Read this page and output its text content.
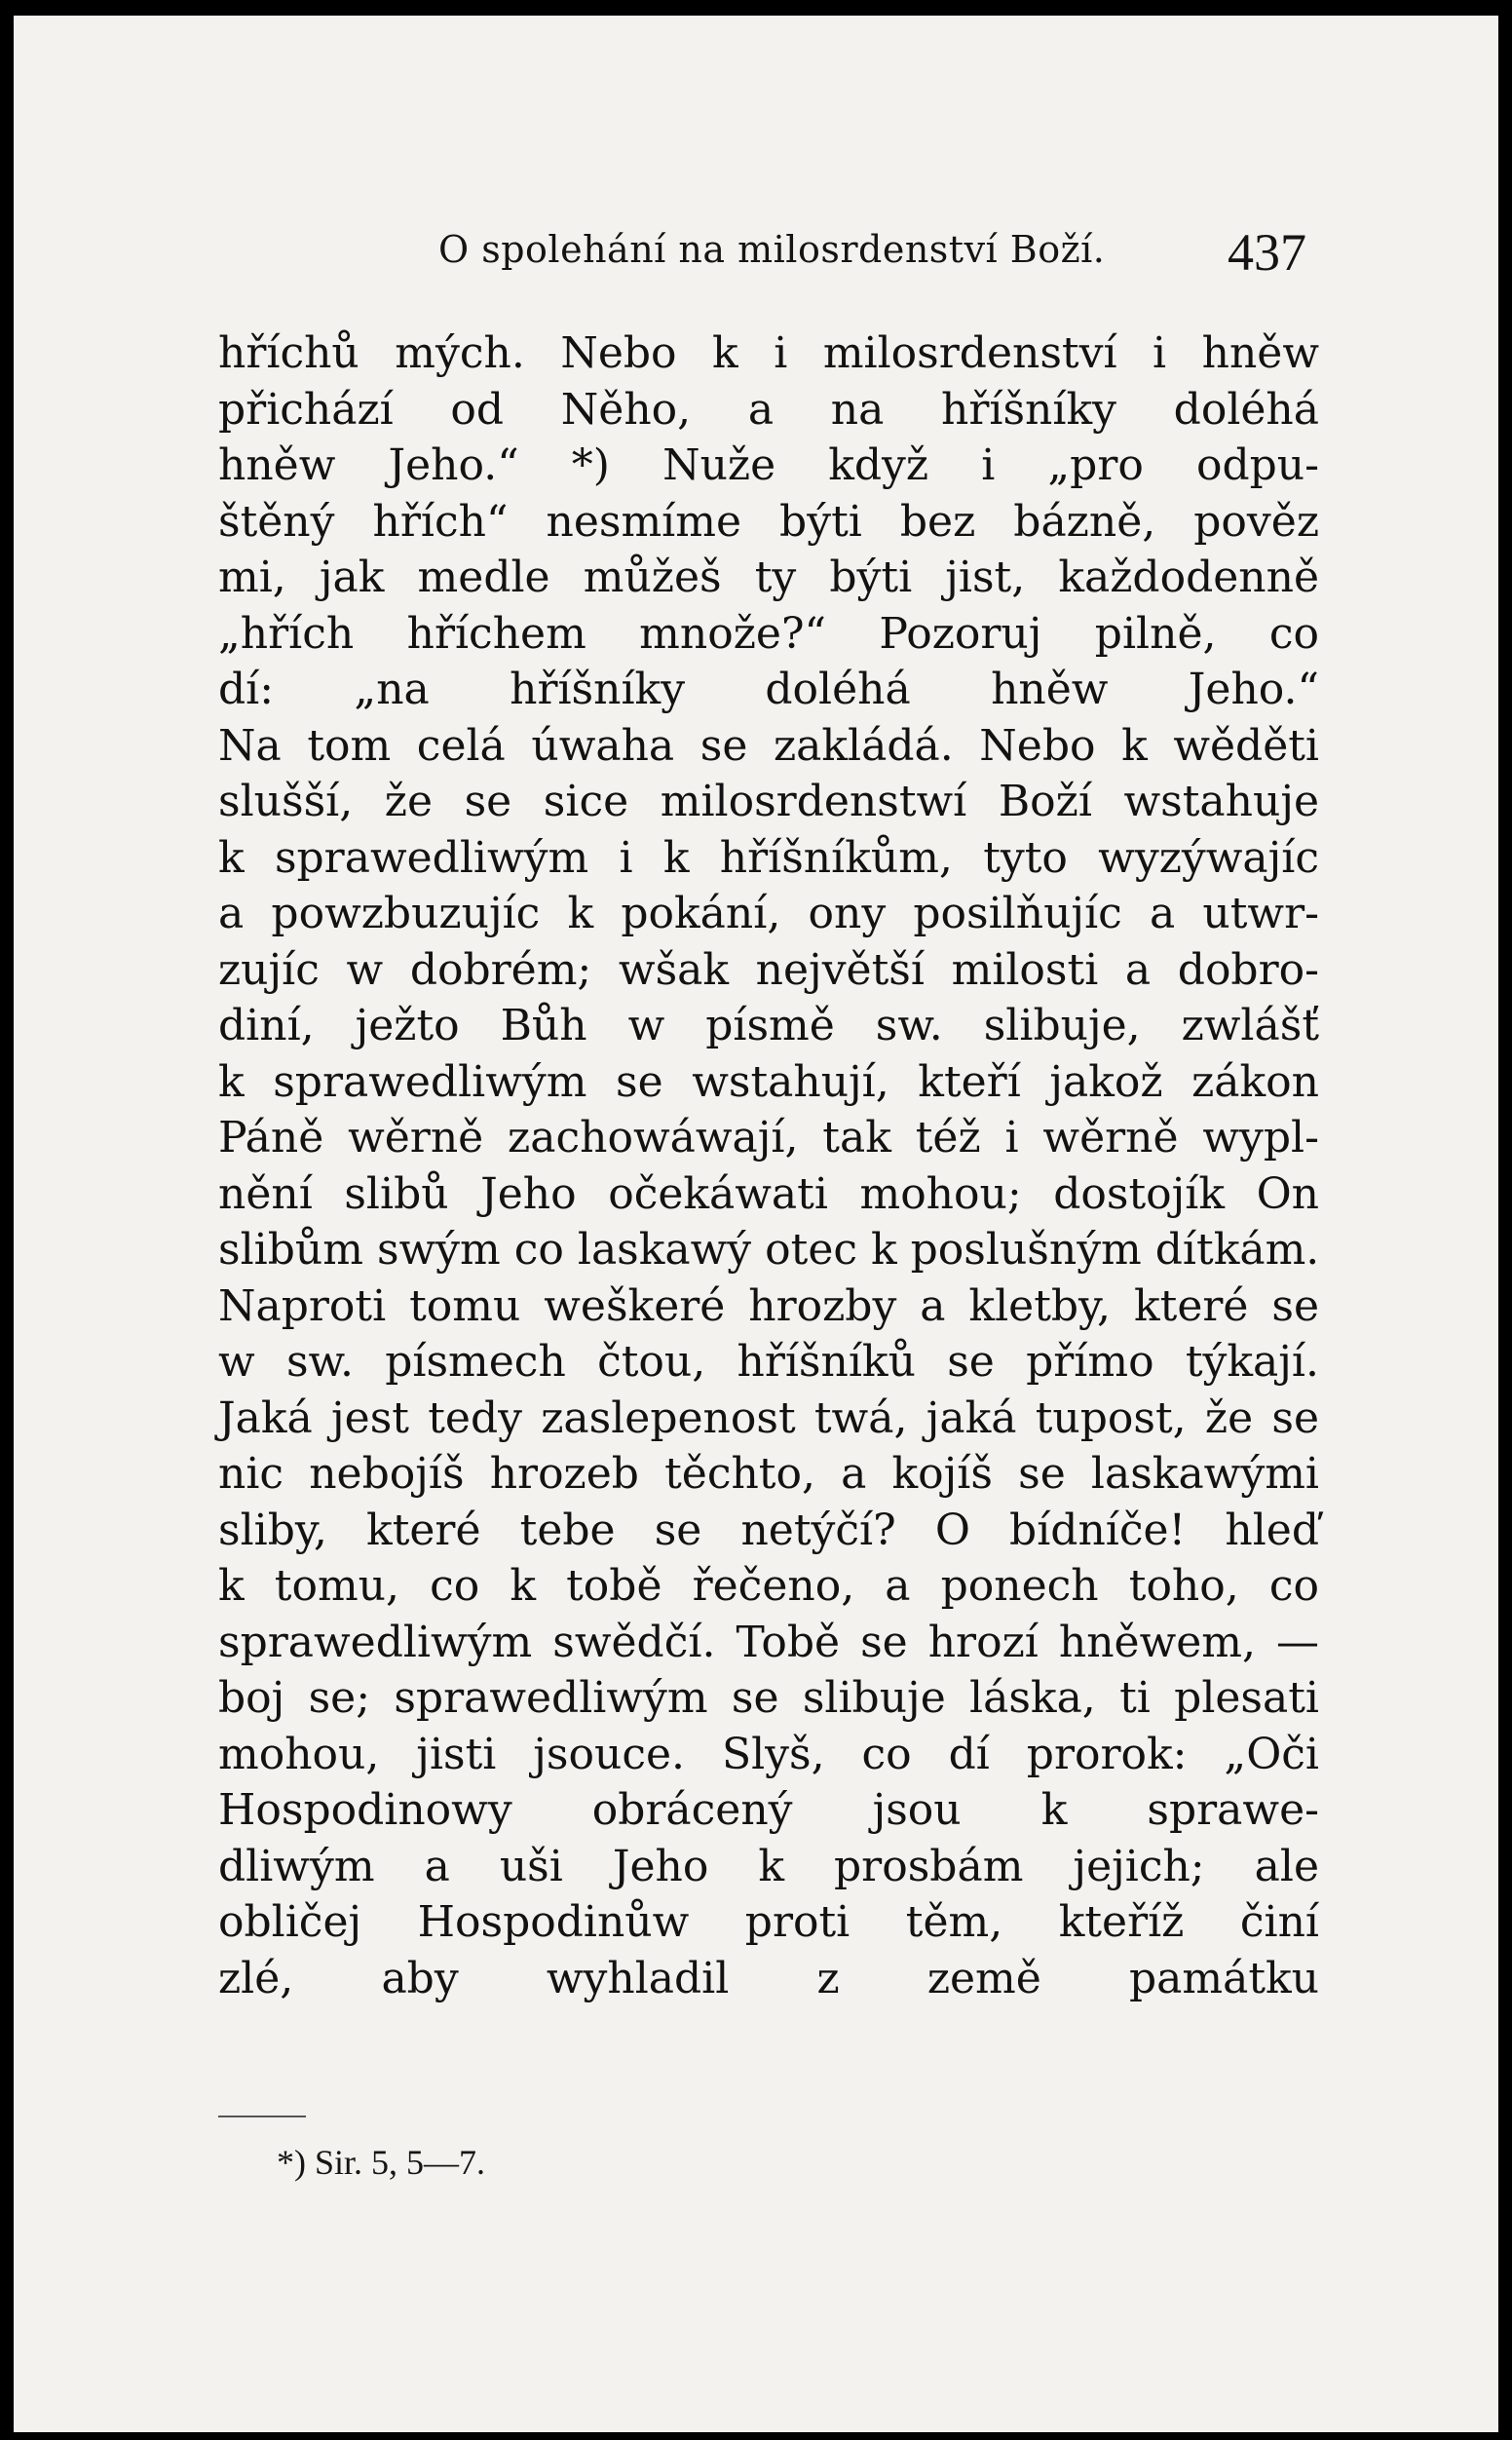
O spolehání na milosrdenství Boží. 437
hříchů mých. Nebo k i milosrdenství i hněw
přichází od Něho, a na hříšníky doléhá
hněw Jeho.“ *) Nuže když i „pro odpu-
štěný hřích“ nesmíme býti bez bázně, pověz
mi, jak medle můžeš ty býti jist, každodenně
„hřích hříchem množe?“ Pozoruj pilně, co
dí: „na hříšníky doléhá hněw Jeho.“
Na tom celá úwaha se zakládá. Nebo k wěděti
slušší, že se sice milosrdenstwí Boží wstahuje
k sprawedliwým i k hříšníkům, tyto wyzýwajíc
a powzbuzujíc k pokání, ony posilňujíc a utwr-
zujíc w dobrém; wšak největší milosti a dobro-
diní, ježto Bůh w písmě sw. slibuje, zwlášť
k sprawedliwým se wstahují, kteří jakož zákon
Páně wěrně zachowáwají, tak též i wěrně wypl-
nění slibů Jeho očekáwati mohou; dostojík On
slibům swým co laskawý otec k poslušným dítkám.
Naproti tomu weškeré hrozby a kletby, které se
w sw. písmech čtou, hříšníků se přímo týkají.
Jaká jest tedy zaslepenost twá, jaká tupost, že se
nic nebojíš hrozeb těchto, a kojíš se laskawými
sliby, které tebe se netýčí? O bídníče! hleď
k tomu, co k tobě řečeno, a ponech toho, co
sprawedliwým swědčí. Tobě se hrozí hněwem, —
boj se; sprawedliwým se slibuje láska, ti plesati
mohou, jisti jsouce. Slyš, co dí prorok: „Oči
Hospodinowy obrácený jsou k sprawe-
dliwým a uši Jeho k prosbám jejich; ale
obličej Hospodinůw proti těm, kteříž činí
zlé, aby wyhladil z země památku
*) Sir. 5, 5—7.
